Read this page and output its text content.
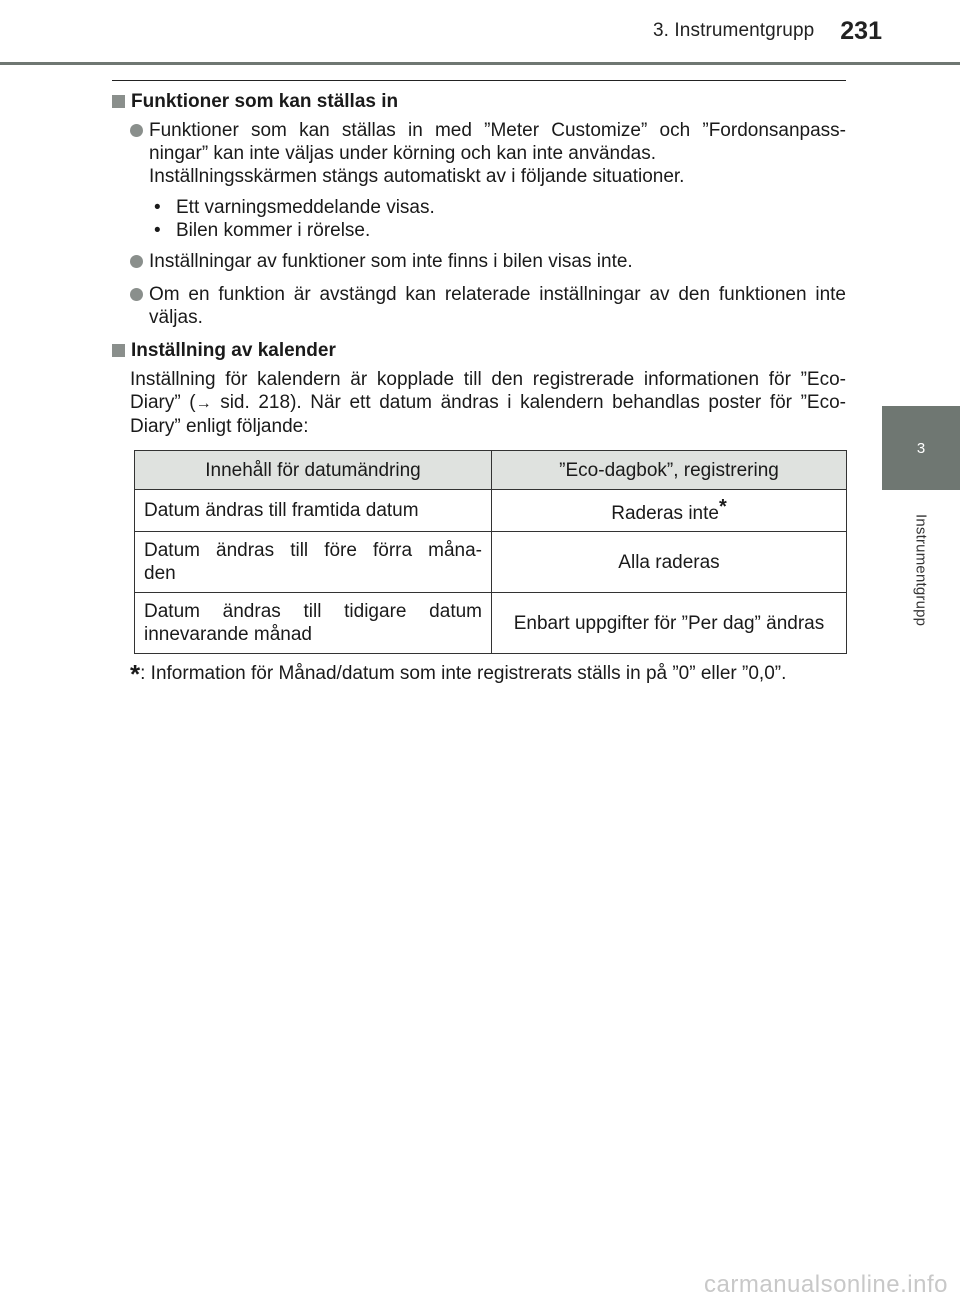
3. Instrumentgrupp 231
3
Instrumentgrupp
Funktioner som kan ställas in
Funktioner som kan ställas in med ”Meter Customize” och ”Fordonsanpass-
ningar” kan inte väljas under körning och kan inte användas.
Inställningsskärmen stängs automatiskt av i följande situationer.
• Ett varningsmeddelande visas.
• Bilen kommer i rörelse.
Inställningar av funktioner som inte finns i bilen visas inte.
Om en funktion är avstängd kan relaterade inställningar av den funktionen inte väljas.
Inställning av kalender
Inställning för kalendern är kopplade till den registrerade informationen för ”Eco-Diary” (→ sid. 218). När ett datum ändras i kalendern behandlas poster för ”Eco-Diary” enligt följande:
Innehåll för datumändring	”Eco-dagbok”, registrering
Datum ändras till framtida datum	Raderas inte*

Datum ändras till före förra måna-
den	Alla raderas

Datum ändras till tidigare datum
innevarande månad	Enbart uppgifter för ”Per dag” ändras
*: Information för Månad/datum som inte registrerats ställs in på ”0” eller ”0,0”.
carmanualsonline.info
